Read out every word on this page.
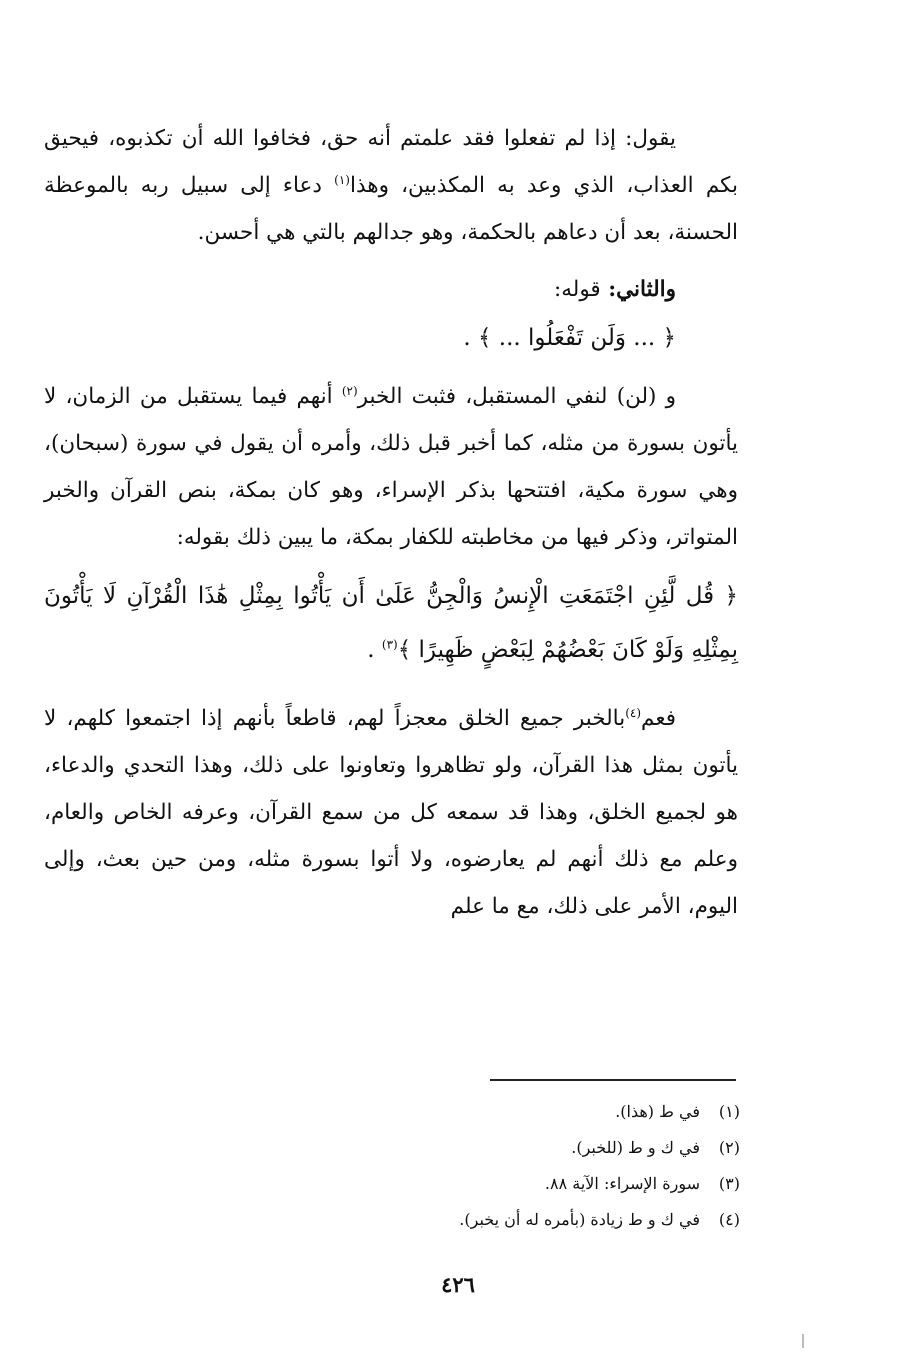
يقول: إذا لم تفعلوا فقد علمتم أنه حق، فخافوا الله أن تكذبوه، فيحيق بكم العذاب، الذي وعد به المكذبين، وهذا$^{(١)}$ دعاء إلى سبيل ربه بالموعظة الحسنة، بعد أن دعاهم بالحكمة، وهو جدالهم بالتي هي أحسن.

والثاني: قوله:

﴿ ... وَلَن تَفْعَلُوا ... ﴾ .

و (لن) لنفي المستقبل، فثبت الخبر$^{(٢)}$ أنهم فيما يستقبل من الزمان، لا يأتون بسورة من مثله، كما أخبر قبل ذلك، وأمره أن يقول في سورة (سبحان)، وهي سورة مكية، افتتحها بذكر الإسراء، وهو كان بمكة، بنص القرآن والخبر المتواتر، وذكر فيها من مخاطبته للكفار بمكة، ما يبين ذلك بقوله:

﴿ قُل لَّئِنِ اجْتَمَعَتِ الْإِنسُ وَالْجِنُّ عَلَىٰ أَن يَأْتُوا بِمِثْلِ هَٰذَا الْقُرْآنِ لَا يَأْتُونَ بِمِثْلِهِ وَلَوْ كَانَ بَعْضُهُمْ لِبَعْضٍ ظَهِيرًا ﴾$^{(٣)}$ .

فعم$^{(٤)}$بالخبر جميع الخلق معجزاً لهم، قاطعاً بأنهم إذا اجتمعوا كلهم، لا يأتون بمثل هذا القرآن، ولو تظاهروا وتعاونوا على ذلك، وهذا التحدي والدعاء، هو لجميع الخلق، وهذا قد سمعه كل من سمع القرآن، وعرفه الخاص والعام، وعلم مع ذلك أنهم لم يعارضوه، ولا أتوا بسورة مثله، ومن حين بعث، وإلى اليوم، الأمر على ذلك، مع ما علم

(١)في ط (هذا).
(٢)في ك و ط (للخبر).
(٣)سورة الإسراء: الآية ٨٨.
(٤)في ك و ط زيادة (بأمره له أن يخبر).
٤٢٦
